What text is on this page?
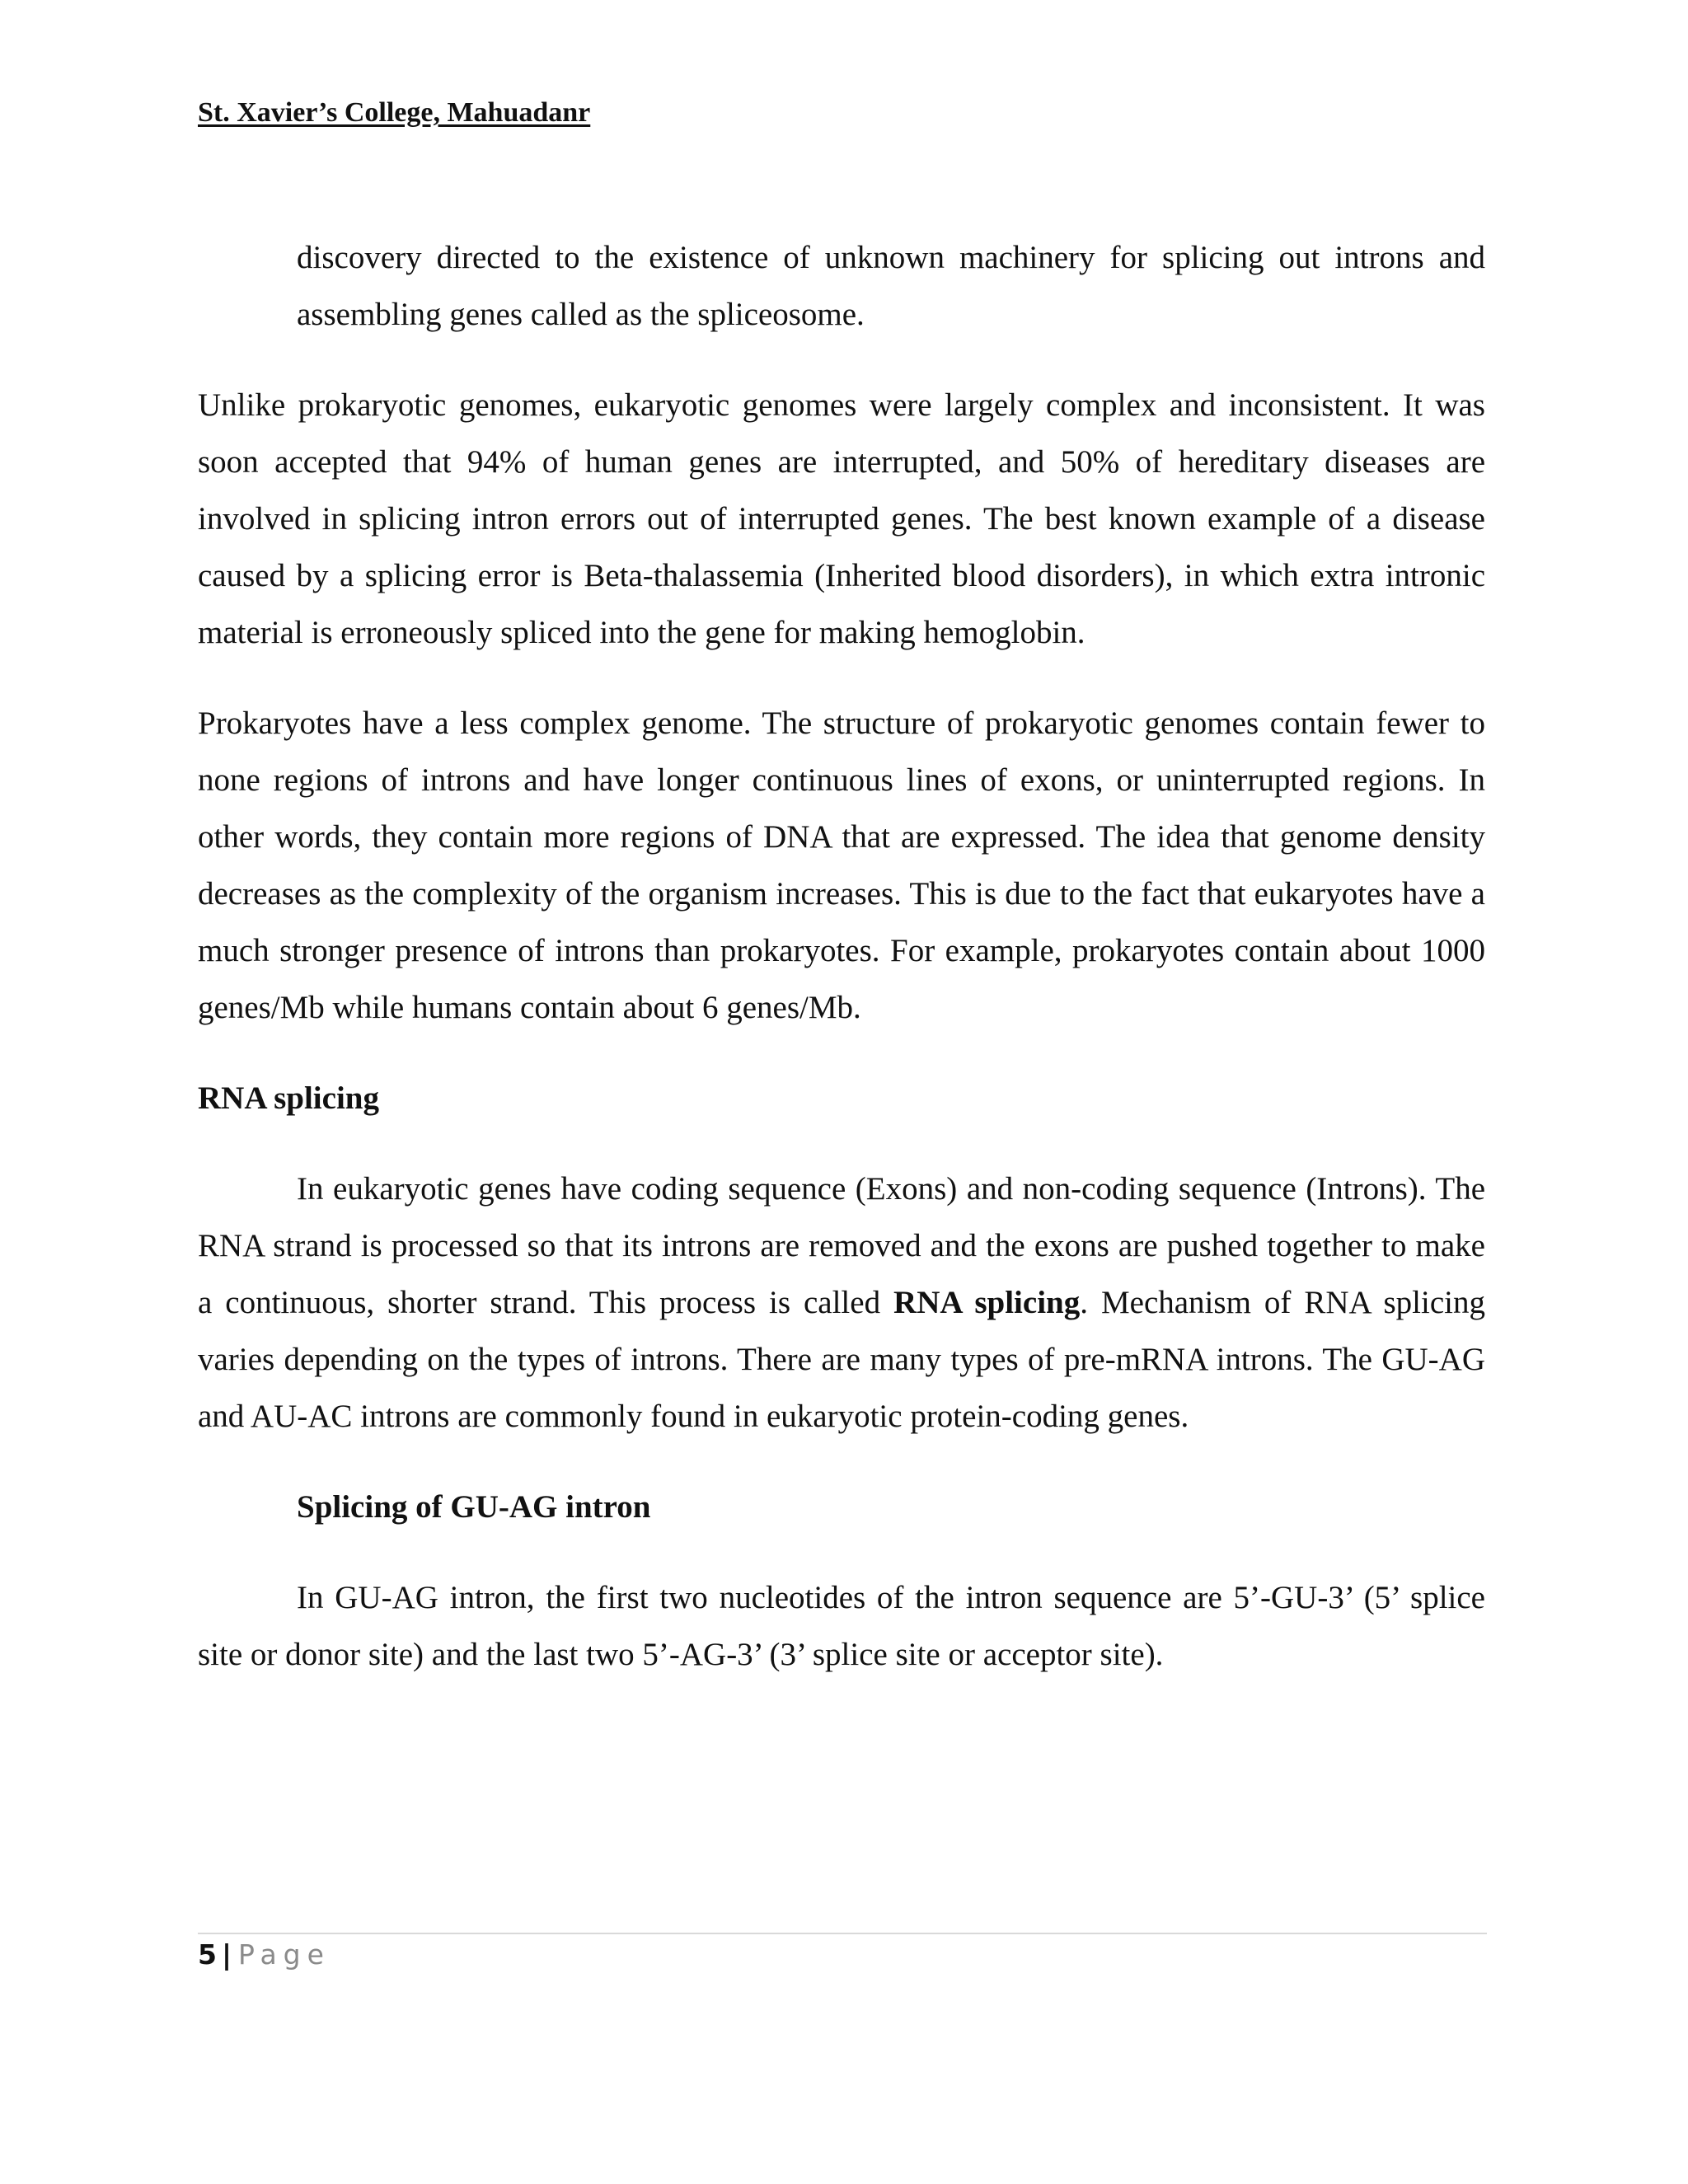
St. Xavier’s College, Mahuadanr

discovery directed to the existence of unknown machinery for splicing out introns and assembling genes called as the spliceosome.

Unlike prokaryotic genomes, eukaryotic genomes were largely complex and inconsistent. It was soon accepted that 94% of human genes are interrupted, and 50% of hereditary diseases are involved in splicing intron errors out of interrupted genes. The best known example of a disease caused by a splicing error is Beta-thalassemia (Inherited blood disorders), in which extra intronic material is erroneously spliced into the gene for making hemoglobin.

Prokaryotes have a less complex genome. The structure of prokaryotic genomes contain fewer to none regions of introns and have longer continuous lines of exons, or uninterrupted regions. In other words, they contain more regions of DNA that are expressed. The idea that genome density decreases as the complexity of the organism increases. This is due to the fact that eukaryotes have a much stronger presence of introns than prokaryotes. For example, prokaryotes contain about 1000 genes/Mb while humans contain about 6 genes/Mb.

RNA splicing

In eukaryotic genes have coding sequence (Exons) and non-coding sequence (Introns). The RNA strand is processed so that its introns are removed and the exons are pushed together to make a continuous, shorter strand. This process is called RNA splicing. Mechanism of RNA splicing varies depending on the types of introns. There are many types of pre-mRNA introns. The GU-AG and AU-AC introns are commonly found in eukaryotic protein-coding genes.

Splicing of GU-AG intron

In GU-AG intron, the first two nucleotides of the intron sequence are 5’-GU-3’ (5’ splice site or donor site) and the last two 5’-AG-3’ (3’ splice site or acceptor site).

5 | Page
